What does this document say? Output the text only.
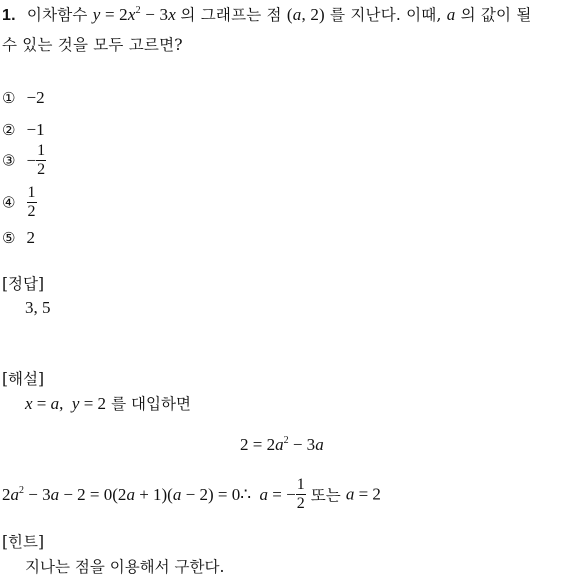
1. 이차함수 $y = 2x^2 - 3x$ 의 그래프는 점 (a, 2) 를 지난다. 이때, a 의 값이 될
수 있는 것을 모두 고르면?
① −2
② −1
③ − $\frac{1}{2}$
④ $\frac{1}{2}$
⑤ 2
[정답]
3, 5
[해설]
x = a, y = 2 를 대입하면
$2 = 2a^2 - 3a$
$2a^2 - 3a - 2 = 0(2a + 1)(a - 2)$ = 0∴ a = − $\frac{1}{2}$ 또는 a = 2
[힌트]
지나는 점을 이용해서 구한다.
